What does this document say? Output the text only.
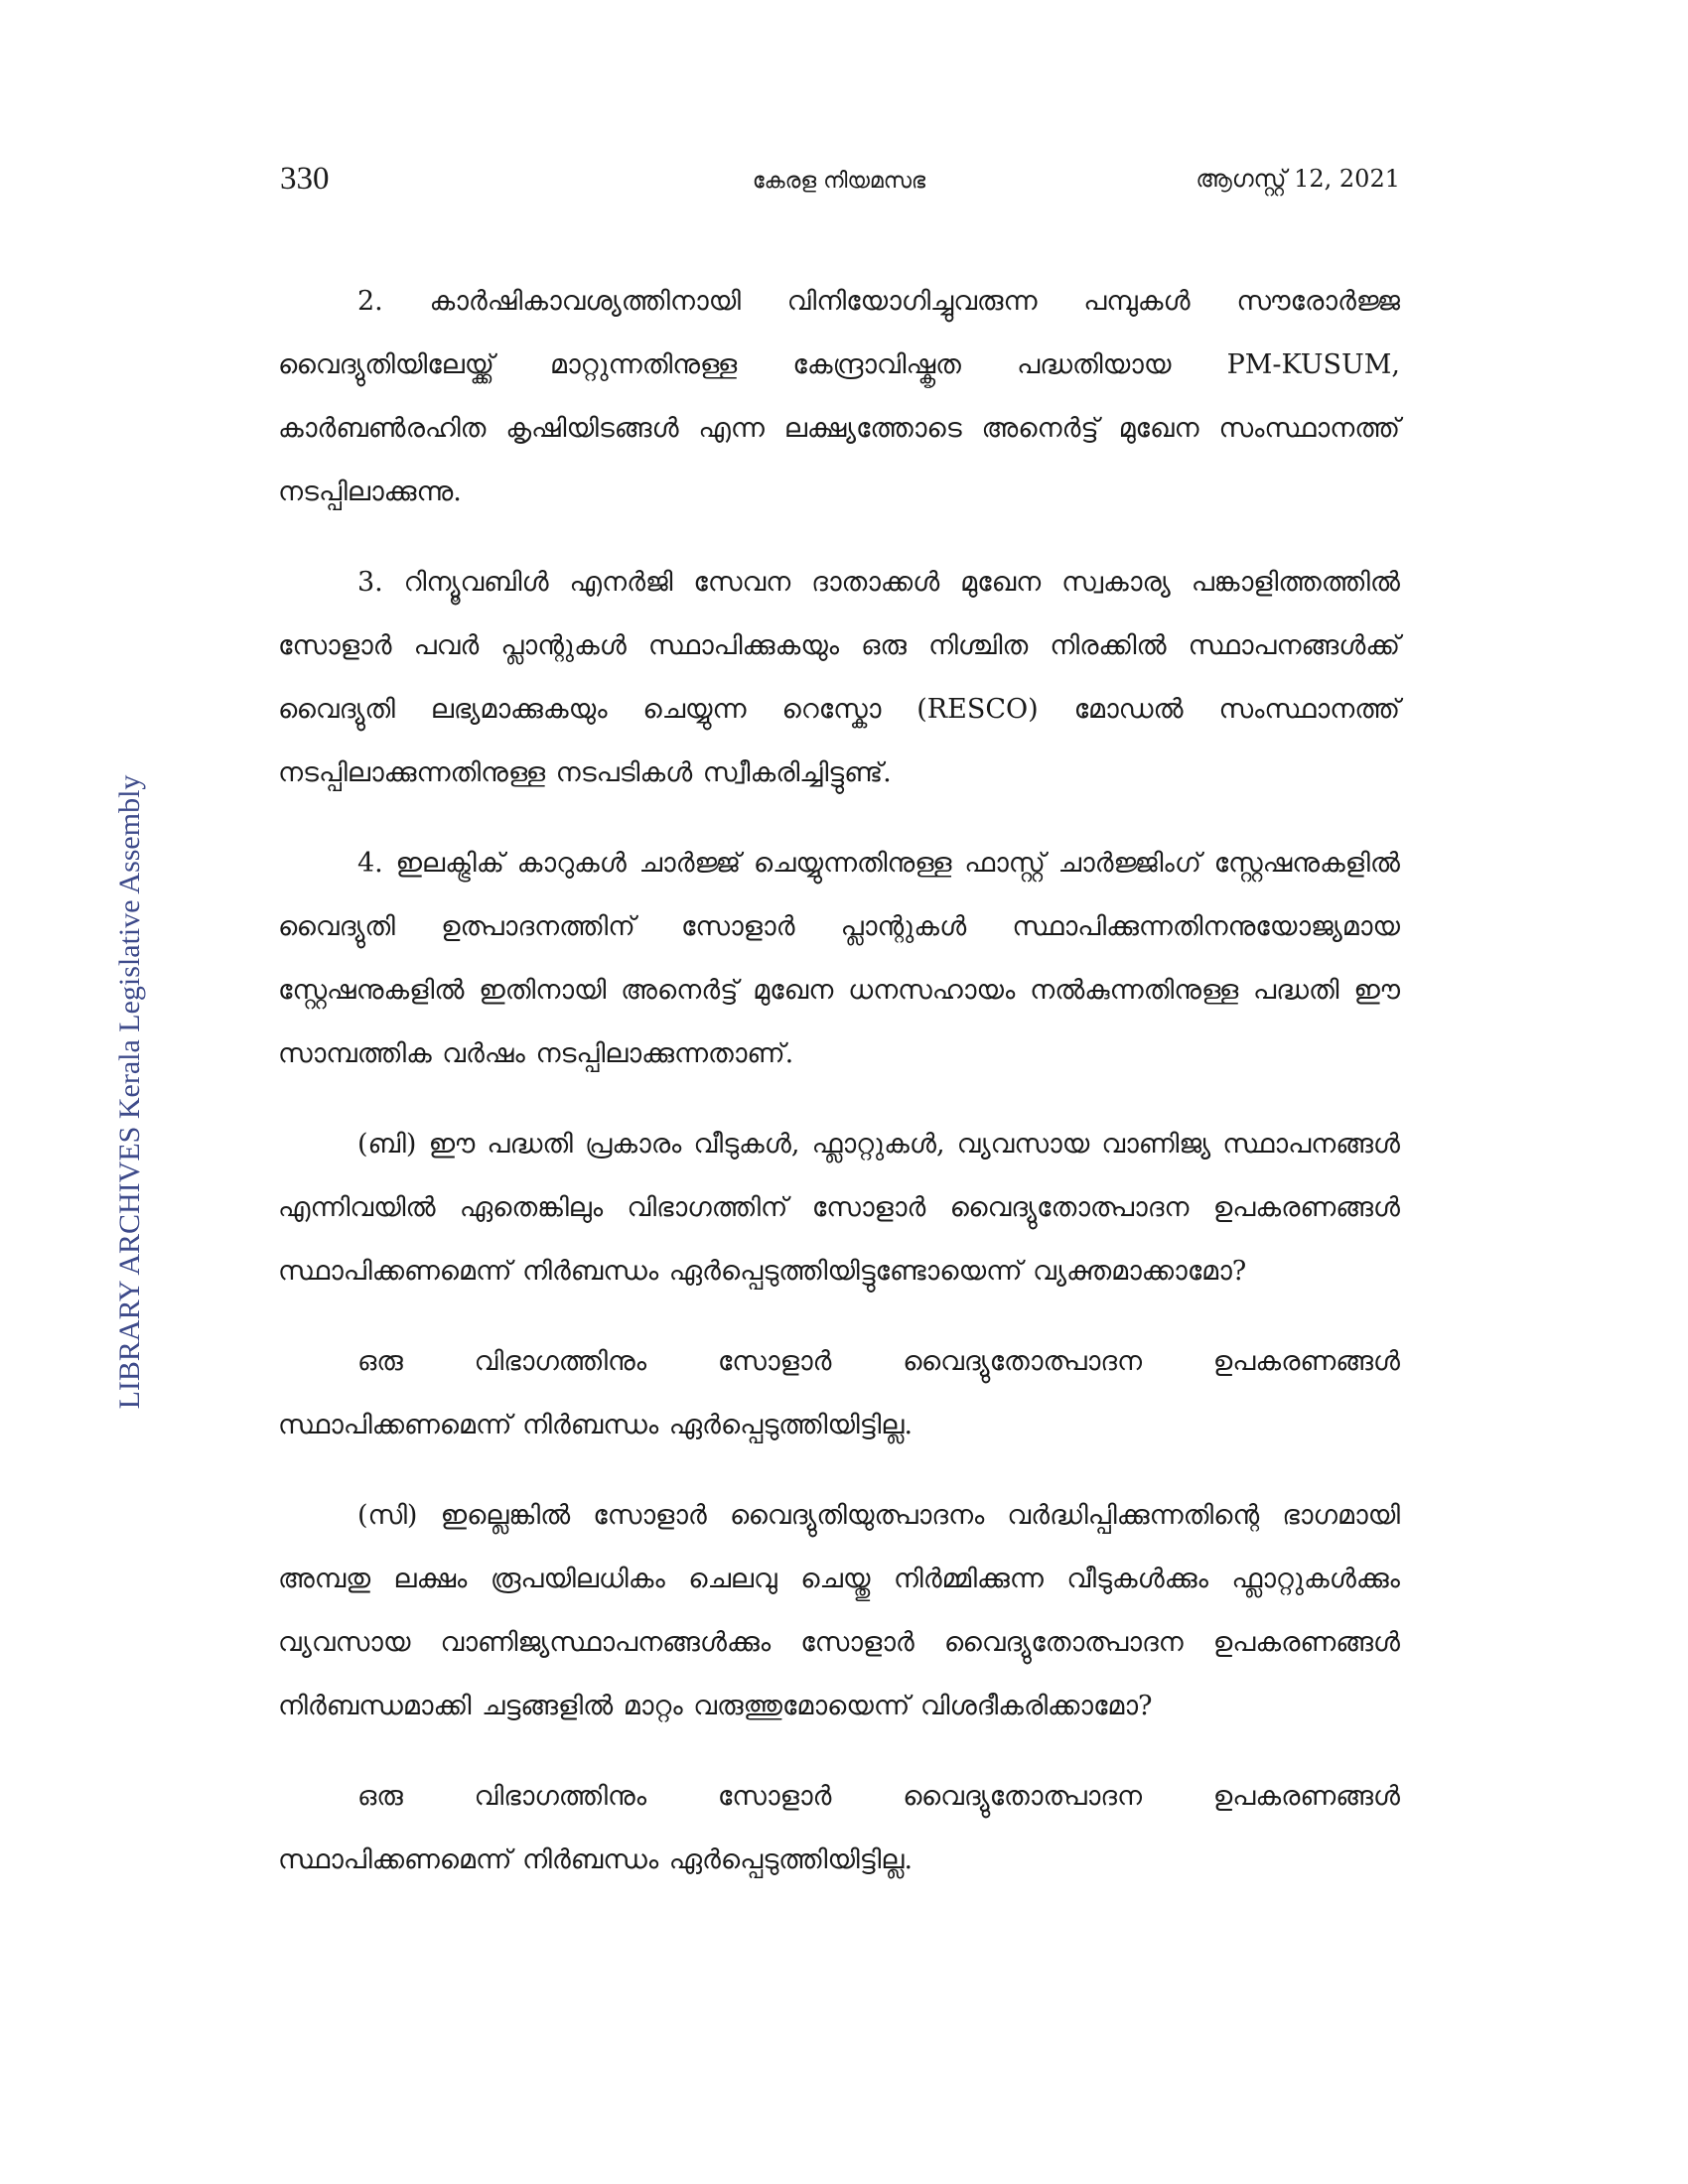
330	കേരള നിയമസഭ	ആഗസ്റ്റ് 12, 2021
LIBRARY ARCHIVES Kerala Legislative Assembly

2. കാർഷികാവശ്യത്തിനായി വിനിയോഗിച്ചുവരുന്ന പമ്പുകൾ സൗരോർജ്ജ വൈദ്യുതിയിലേയ്ക്ക് മാറ്റുന്നതിനുള്ള കേന്ദ്രാവിഷ്കൃത പദ്ധതിയായ PM-KUSUM, കാർബൺരഹിത കൃഷിയിടങ്ങൾ എന്ന ലക്ഷ്യത്തോടെ അനെർട്ട് മുഖേന സംസ്ഥാനത്ത് നടപ്പിലാക്കുന്നു.

3. റിന്യൂവബിൾ എനർജി സേവന ദാതാക്കൾ മുഖേന സ്വകാര്യ പങ്കാളിത്തത്തിൽ സോളാർ പവർ പ്ലാന്റുകൾ സ്ഥാപിക്കുകയും ഒരു നിശ്ചിത നിരക്കിൽ സ്ഥാപനങ്ങൾക്ക് വൈദ്യുതി ലഭ്യമാക്കുകയും ചെയ്യുന്ന റെസ്കോ (RESCO) മോഡൽ സംസ്ഥാനത്ത് നടപ്പിലാക്കുന്നതിനുള്ള നടപടികൾ സ്വീകരിച്ചിട്ടുണ്ട്.

4. ഇലക്ട്രിക് കാറുകൾ ചാർജ്ജ് ചെയ്യുന്നതിനുള്ള ഫാസ്റ്റ് ചാർജ്ജിംഗ് സ്റ്റേഷനുകളിൽ വൈദ്യുതി ഉത്പാദനത്തിന് സോളാർ പ്ലാന്റുകൾ സ്ഥാപിക്കുന്നതിനനുയോജ്യമായ സ്റ്റേഷനുകളിൽ ഇതിനായി അനെർട്ട് മുഖേന ധനസഹായം നൽകുന്നതിനുള്ള പദ്ധതി ഈ സാമ്പത്തിക വർഷം നടപ്പിലാക്കുന്നതാണ്.

(ബി) ഈ പദ്ധതി പ്രകാരം വീടുകൾ, ഫ്ലാറ്റുകൾ, വ്യവസായ വാണിജ്യ സ്ഥാപനങ്ങൾ എന്നിവയിൽ ഏതെങ്കിലും വിഭാഗത്തിന് സോളാർ വൈദ്യുതോത്പാദന ഉപകരണങ്ങൾ സ്ഥാപിക്കണമെന്ന് നിർബന്ധം ഏർപ്പെടുത്തിയിട്ടുണ്ടോയെന്ന് വ്യക്തമാക്കാമോ?

ഒരു വിഭാഗത്തിനും സോളാർ വൈദ്യുതോത്പാദന ഉപകരണങ്ങൾ സ്ഥാപിക്കണമെന്ന് നിർബന്ധം ഏർപ്പെടുത്തിയിട്ടില്ല.

(സി) ഇല്ലെങ്കിൽ സോളാർ വൈദ്യുതിയുത്പാദനം വർദ്ധിപ്പിക്കുന്നതിന്റെ ഭാഗമായി അമ്പതു ലക്ഷം രൂപയിലധികം ചെലവു ചെയ്തു നിർമ്മിക്കുന്ന വീടുകൾക്കും ഫ്ലാറ്റുകൾക്കും വ്യവസായ വാണിജ്യസ്ഥാപനങ്ങൾക്കും സോളാർ വൈദ്യുതോത്പാദന ഉപകരണങ്ങൾ നിർബന്ധമാക്കി ചട്ടങ്ങളിൽ മാറ്റം വരുത്തുമോയെന്ന് വിശദീകരിക്കാമോ?

ഒരു വിഭാഗത്തിനും സോളാർ വൈദ്യുതോത്പാദന ഉപകരണങ്ങൾ സ്ഥാപിക്കണമെന്ന് നിർബന്ധം ഏർപ്പെടുത്തിയിട്ടില്ല.
